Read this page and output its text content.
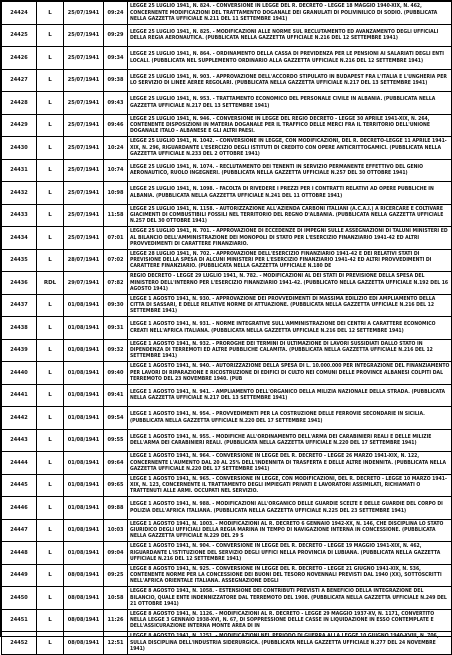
24424	L	25/07/1941	09:24	LEGGE 25 LUGLIO 1941, N. 824. - CONVERSIONE IN LEGGE DEL R. DECRETO - LEGGE 18 MAGGIO 1940-XIX, N. 462, CONCERNENTE MODIFICAZIONI DEL TRATTAMENTO DOGANALE DEI GRANULATI DI POLIVINILICO DI SODIO. (PUBBLICATA NELLA GAZZETTA UFFICIALE N.211 DEL 11 SETTEMBRE 1941)
24425	L	25/07/1941	09:29	LEGGE 25 LUGLIO 1941, N. 825. - MODIFICAZIONI ALLE NORME SUL RECLUTAMENTO ED AVANZAMENTO DEGLI UFFICIALI DELLA REGIA AERONAUTICA. (PUBBLICATA NELLA GAZZETTA UFFICIALE N.216 DEL 12 SETTEMBRE 1941)
24426	L	25/07/1941	09:34	LEGGE 25 LUGLIO 1941, N. 864. - ORDINAMENTO DELLA CASSA DI PREVIDENZA PER LE PENSIONI AI SALARIATI DEGLI ENTI LOCALI. (PUBBLICATA NEL SUPPLEMENTO ORDINARIO ALLA GAZZETTA UFFICIALE N.216 DEL 12 SETTEMBRE 1941)
24427	L	25/07/1941	09:38	LEGGE 25 LUGLIO 1941, N. 903. - APPROVAZIONE DELL'ACCORDO STIPULATO IN BUDAPEST FRA L'ITALIA E L'UNGHERIA PER LO SERVIZIO DI LINEE AEREE REGOLARI. (PUBBLICATA NELLA GAZZETTA UFFICIALE N.217 DEL 13 SETTEMBRE 1941)
24428	L	25/07/1941	09:43	LEGGE 25 LUGLIO 1941, N. 953. - TRATTAMENTO ECONOMICO DEL PERSONALE CIVILE IN ALBANIA. (PUBBLICATA NELLA GAZZETTA UFFICIALE N.217 DEL 13 SETTEMBRE 1941)
24429	L	25/07/1941	09:46	LEGGE 25 LUGLIO 1941, N. 946. - CONVERSIONE IN LEGGE DEL REGIO DECRETO - LEGGE 30 APRILE 1941-XIX, N. 264, CONTENENTE DISPOSIZIONI IN MATERIA DOGANALE PER IL TRAFFICO DELLE MERCI FRA IL TERRITORIO DELL'UNIONE DOGANALE ITALO - ALBANESE E GLI ALTRI PAESI.
24430	L	25/07/1941	10:24	LEGGE 25 LUGLIO 1941, N. 1042. - CONVERSIONE IN LEGGE, CON MODIFICAZIONI, DEL R. DECRETO-LEGGE 11 APRILE 1941-XIX, N. 296, RIGUARDANTE L'ESERCIZIO DEGLI ISTITUTI DI CREDITO CON OPERE ANTICRITTOGAMICI. (PUBBLICATA NELLA GAZZETTA UFFICIALE N.233 DEL 2 OTTOBRE 1941)
24431	L	25/07/1941	10:74	LEGGE 25 LUGLIO 1941, N. 1074. - RECLUTAMENTO DEI TENENTI IN SERVIZIO PERMANENTE EFFETTIVO DEL GENIO AERONAUTICO, RUOLO INGEGNERI. (PUBBLICATA NELLA GAZZETTA UFFICIALE N.257 DEL 30 OTTOBRE 1941)
24432	L	25/07/1941	10:98	LEGGE 25 LUGLIO 1941, N. 1098. - FACOLTA DI RIVEDERE I PREZZI PER I CONTRATTI RELATIVI AD OPERE PUBBLICHE IN ALBANIA. (PUBBLICATA NELLA GAZZETTA UFFICIALE N.241 DEL 11 OTTOBRE 1941)
24433	L	25/07/1941	11:58	LEGGE 25 LUGLIO 1941, N. 1158. - AUTORIZZAZIONE ALL'AZIENDA CARBONI ITALIANI (A.C.A.I.) A RICERCARE E COLTIVARE GIACIMENTI DI COMBUSTIBILI FOSSILI NEL TERRITORIO DEL REGNO D'ALBANIA. (PUBBLICATA NELLA GAZZETTA UFFICIALE N.257 DEL 30 OTTOBRE 1941)
24434	L	25/07/1941	07:01	LEGGE 25 LUGLIO 1941, N. 701. - APPROVAZIONE DI ECCEDENZE DI IMPEGNI SULLE ASSEGNAZIONI DI TALUNI MINISTERI ED AL BILANCIO DELL'AMMINISTRAZIONE DEI MONOPOLI DI STATO PER L'ESERCIZIO FINANZIARIO 1941-42 ED ALTRI PROVVEDIMENTI DI CARATTERE FINANZIARIO.
24435	L	28/07/1941	07:02	LEGGE 28 LUGLIO 1941, N. 702. - APPROVAZIONE DELL'ESERCIZIO FINANZIARIO 1941-42 E DEI RELATIVI STATI DI PREVISIONE DELLA SPESA DI ALCUNI MINISTERI PER L'ESERCIZIO FINANZIARIO 1941-42 ED ALTRI PROVVEDIMENTI DI CARATTERE FINANZIARIO. (PUBBLICATA NELLA GAZZETTA UFFICIALE N.180 DE
24436	RDL	29/07/1941	07:82	REGIO DECRETO - LEGGE 29 LUGLIO 1941, N. 782. - MODIFICAZIONI AL DEI STATI DI PREVISIONE DELLA SPESA DEL MINISTERO DELL'INTERNO PER L'ESERCIZIO FINANZIARIO 1941-42. (PUBBLICATO NELLA GAZZETTA UFFICIALE N.192 DEL 16 AGOSTO 1941)
24437	L	01/08/1941	09:30	LEGGE 1 AGOSTO 1941, N. 930. - APPROVAZIONE DEI PROVVEDIMENTI DI MASSIMA EDILIZIO EDI AMPLIAMENTO DELLA CITTA DI SASSARI, E DELLE RELATIVE NORME DI ATTUAZIONE. (PUBBLICATA NELLA GAZZETTA UFFICIALE N.216 DEL 12 SETTEMBRE 1941)
24438	L	01/08/1941	09:31	LEGGE 1 AGOSTO 1941, N. 931. - NORME INTEGRATIVE SULL'AMMINISTRAZIONE DEI CENTRI A CARATTERE ECONOMICO CREATI NELL'AFRICA ITALIANA. (PUBBLICATA NELLA GAZZETTA UFFICIALE N.216 DEL 12 SETTEMBRE 1941)
24439	L	01/08/1941	09:32	LEGGE 1 AGOSTO 1941, N. 932. - PROROGHE DEI TERMINI DI ULTIMAZIONE DI LAVORI SUSSIDIATI DALLO STATO IN DIPENDENZA DI TERREMOTI ED ALTRE PUBBLICHE CALAMITA. (PUBBLICATA NELLA GAZZETTA UFFICIALE N.216 DEL 12 SETTEMBRE 1941)
24440	L	01/08/1941	09:40	LEGGE 1 AGOSTO 1941, N. 940. - AUTORIZZAZIONE DELLA SPESA DI L. 10.000.000 PER INTEGRAZIONE DEL FINANZIAMENTO PER LAVORI DI RIPARAZIONE E RICOSTRUZIONE DI EDIFICI DI CULTO NEI COMUNI DELLE PROVINCE ALBANESI COLPITI DAL TERREMOTO DEL 23 NOVEMBRE 1940. (PUB
24441	L	01/08/1941	09:41	LEGGE 1 AGOSTO 1941, N. 941. - AMPLIAMENTO DELL'ORGANICO DELLA MILIZIA NAZIONALE DELLA STRADA. (PUBBLICATA NELLA GAZZETTA UFFICIALE N.217 DEL 13 SETTEMBRE 1941)
24442	L	01/08/1941	09:54	LEGGE 1 AGOSTO 1941, N. 954. - PROVVEDIMENTI PER LA COSTRUZIONE DELLE FERROVIE SECONDARIE IN SICILIA. (PUBBLICATA NELLA GAZZETTA UFFICIALE N.220 DEL 17 SETTEMBRE 1941)
24443	L	01/08/1941	09:55	LEGGE 1 AGOSTO 1941, N. 955. - MODIFICHE ALL'ORDINAMENTO DELL'ARMA DEI CARABINIERI REALI E DELLE MILIZIE DELL'ARMA DEI CARABINIERI REALI. (PUBBLICATA NELLA GAZZETTA UFFICIALE N.220 DEL 17 SETTEMBRE 1941)
24444	L	01/08/1941	09:64	LEGGE 1 AGOSTO 1941, N. 964. - CONVERSIONE IN LEGGE DEL R. DECRETO - LEGGE 26 MARZO 1941-XIX, N. 122, CONCERNENTE L'AUMENTO DAL 20 AL 25% DELL'INDENNITA DI TRASFERTA E DELLE ALTRE INDENNITA. (PUBBLICATA NELLA GAZZETTA UFFICIALE N.220 DEL 17 SETTEMBRE 1941)
24445	L	01/08/1941	09:65	LEGGE 1 AGOSTO 1941, N. 965. - CONVERSIONE IN LEGGE, CON MODIFICAZIONI, DEL R. DECRETO - LEGGE 10 MARZO 1941-XIX, N. 123, CONCERNENTE IL TRATTAMENTO DEGLI IMPIEGATI PRIVATI E LAVORATORI ASSIMILATI, RICHIAMATI O TRATTENUTI ALLE ARMI. OCCUPATI NEL SERVIZIO.
24446	L	01/08/1941	09:88	LEGGE 1 AGOSTO 1941, N. 988. - MODIFICAZIONI ALL'ORGANICO DELLE GUARDIE SCELTE E DELLE GUARDIE DEL CORPO DI POLIZIA DELL'AFRICA ITALIANA. (PUBBLICATA NELLA GAZZETTA UFFICIALE N.225 DEL 23 SETTEMBRE 1941)
24447	L	01/08/1941	10:03	LEGGE 1 AGOSTO 1941, N. 1003. - MODIFICAZIONI AL R. DECRETO 6 GENNAIO 1942-XX, N. 146, CHE DISCIPLINA LO STATO GIURIDICO DEGLI UFFICIALI DELLA REGIA MARINA IN TEMPO DI NAVIGAZIONE INTERNA IN CONCESSIONE. (PUBBLICATA NELLA GAZZETTA UFFICIALE N.229 DEL 29 S
24448	L	01/08/1941	09:04	LEGGE 1 AGOSTO 1941, N. 904. - CONVERSIONE IN LEGGE DEL R. DECRETO - LEGGE 19 MAGGIO 1941-XIX, N. 462, RIGUARDANTE L'ISTITUZIONE DEL SERVIZIO DEGLI UFFICI NELLA PROVINCIA DI LUBIANA. (PUBBLICATA NELLA GAZZETTA UFFICIALE N.216 DEL 12 SETTEMBRE 1941)
24449	L	08/08/1941	09:25	LEGGE 8 AGOSTO 1941, N. 925. - CONVERSIONE IN LEGGE DEL R. DECRETO - LEGGE 21 GIUGNO 1941-XIX, N. 536, CONTENENTE NORME PER LA CONCESSIONE DEI BUONI DEL TESORO NOVENNALI PREVISTI DAL 1940 (XX), SOTTOSCRITTI NELL'AFRICA ORIENTALE ITALIANA. ASSEGNAZIONE DEGLI
24450	L	08/08/1941	10:58	LEGGE 8 AGOSTO 1941, N. 1058. - ESTENSIONE DEI CONTRIBUTI PREVISTI A BENEFICIO DELLA INTEGRAZIONE DEL BILANCIO, QUALE ENTE INDENNIZZATORE DAL TERREMOTO DEL 1908. (PUBBLICATA NELLA GAZZETTA UFFICIALE N.249 DEL 21 OTTOBRE 1941)
24451	L	08/08/1941	11:26	LEGGE 8 AGOSTO 1941, N. 1126. - MODIFICAZIONI AL R. DECRETO - LEGGE 29 MAGGIO 1937-XV, N. 1171, CONVERTITO NELLA LEGGE 3 GENNAIO 1938-XVI, N. 67, DI SOPPRESSIONE DELLE CASSE IN LIQUIDAZIONE IN ESSO CONTEMPLATE E DELL'ASSICURAZIONE INTERNA MONTE AREA DI IN
24452	L	08/08/1941	12:51	LEGGE 8 AGOSTO 1941, N. 1251. - MODIFICAZIONI NEL PERIODO DI GUERRA ALLA LEGGE 10 GIUGNO 1940-XVIII, N. 706, SULLA DISCIPLINA DELL'INDUSTRIA SIDERURGICA. (PUBBLICATA NELLA GAZZETTA UFFICIALE N.277 DEL 24 NOVEMBRE 1941)
